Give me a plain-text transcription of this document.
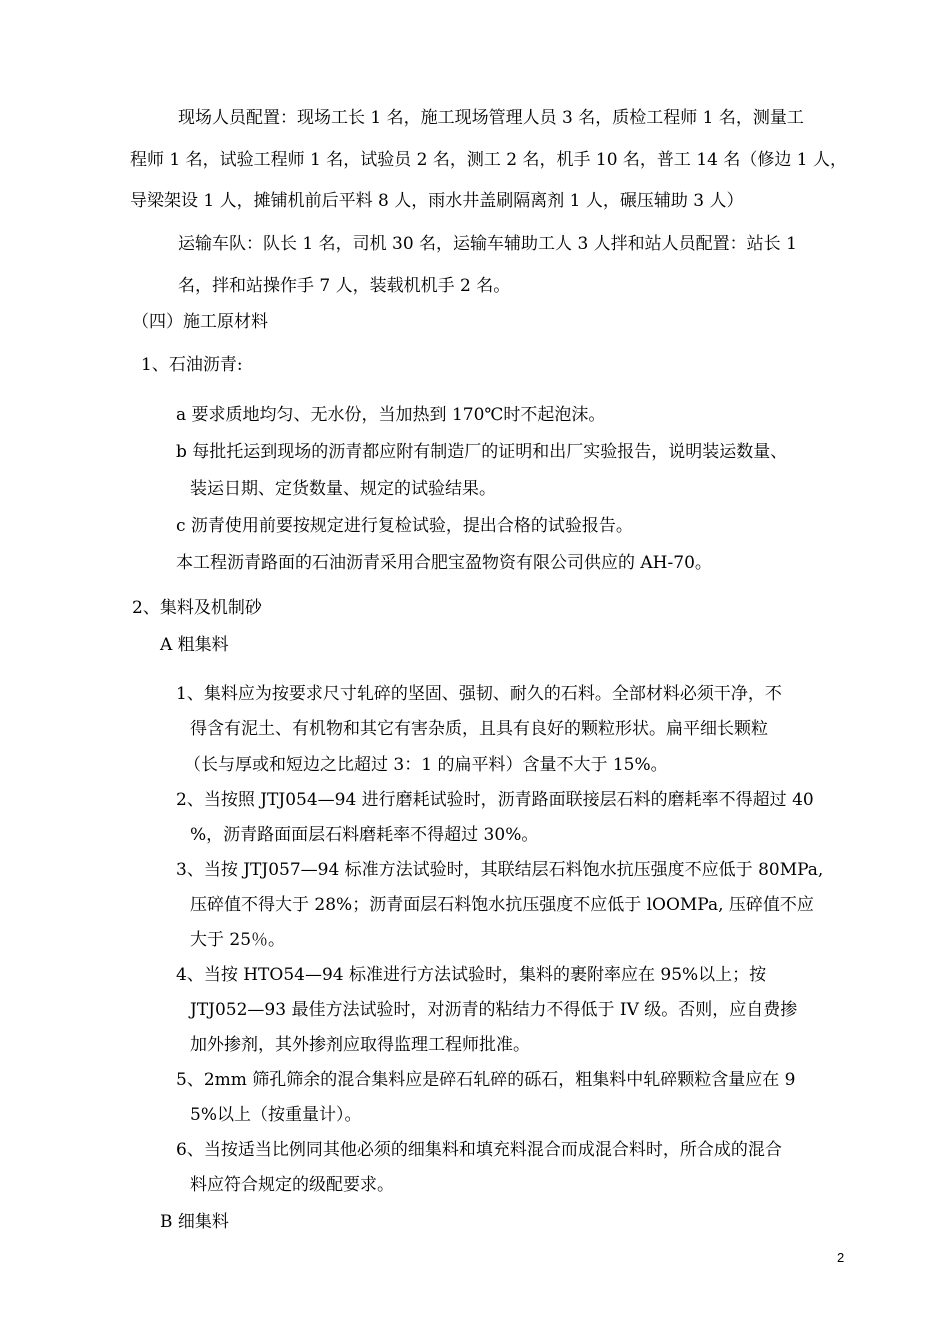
现场人员配置：现场工长 1 名，施工现场管理人员 3 名，质检工程师 1 名，测量工
程师 1 名，试验工程师 1 名，试验员 2 名，测工 2 名，机手 10 名，普工 14 名（修边 1 人，
导梁架设 1 人，摊铺机前后平料 8 人，雨水井盖刷隔离剂 1 人，碾压辅助 3 人）
运输车队：队长 1 名，司机 30 名，运输车辅助工人 3 人拌和站人员配置：站长 1
名，拌和站操作手 7 人，装载机机手 2 名。
（四）施工原材料
1、石油沥青:
a 要求质地均匀、无水份，当加热到 170℃时不起泡沫。
b 每批托运到现场的沥青都应附有制造厂的证明和出厂实验报告，说明装运数量、
装运日期、定货数量、规定的试验结果。
c 沥青使用前要按规定进行复检试验，提出合格的试验报告。
本工程沥青路面的石油沥青采用合肥宝盈物资有限公司供应的 AH-70。
2、集料及机制砂
A 粗集料
1、集料应为按要求尺寸轧碎的坚固、强韧、耐久的石料。全部材料必须干净，不
得含有泥土、有机物和其它有害杂质，且具有良好的颗粒形状。扁平细长颗粒
（长与厚或和短边之比超过 3：1 的扁平料）含量不大于 15%。
2、当按照 JTJ054—94 进行磨耗试验时，沥青路面联接层石料的磨耗率不得超过 40
%，沥青路面面层石料磨耗率不得超过 30%。
3、当按 JTJ057—94 标准方法试验时，其联结层石料饱水抗压强度不应低于 80MPa,
压碎值不得大于 28%；沥青面层石料饱水抗压强度不应低于 lOOMPa, 压碎值不应
大于 25％。
4、当按 HTO54—94 标准进行方法试验时，集料的裹附率应在 95%以上；按
JTJ052—93 最佳方法试验时，对沥青的粘结力不得低于 IV 级。否则，应自费掺
加外掺剂，其外掺剂应取得监理工程师批准。
5、2mm 筛孔筛余的混合集料应是碎石轧碎的砾石，粗集料中轧碎颗粒含量应在 9
5%以上（按重量计）。
6、当按适当比例同其他必须的细集料和填充料混合而成混合料时，所合成的混合
料应符合规定的级配要求。
B 细集料
2
